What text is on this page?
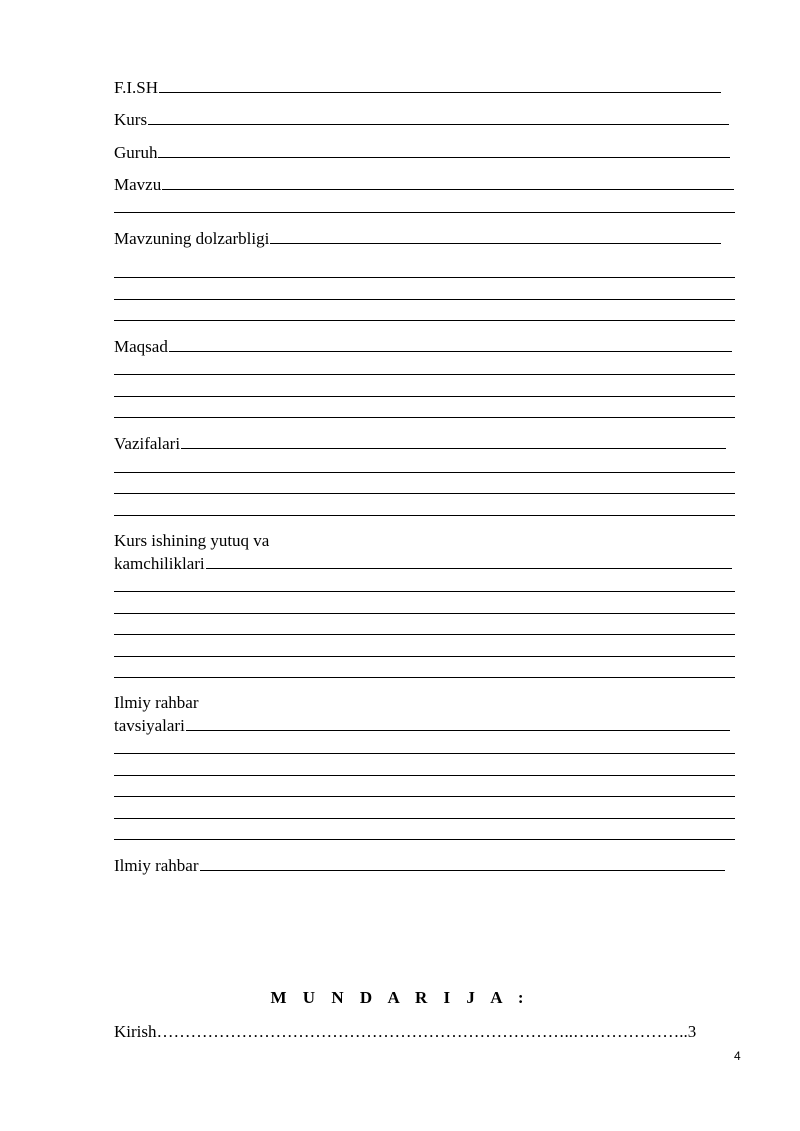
F.I.SH
Kurs
Guruh
Mavzu
Mavzuning dolzarbligi
Maqsad
Vazifalari
Kurs ishining yutuq va
kamchiliklari
Ilmiy rahbar
tavsiyalari
Ilmiy rahbar
M U N D A R I J A :
Kirish………………………………………………………………..….……………..3
4
